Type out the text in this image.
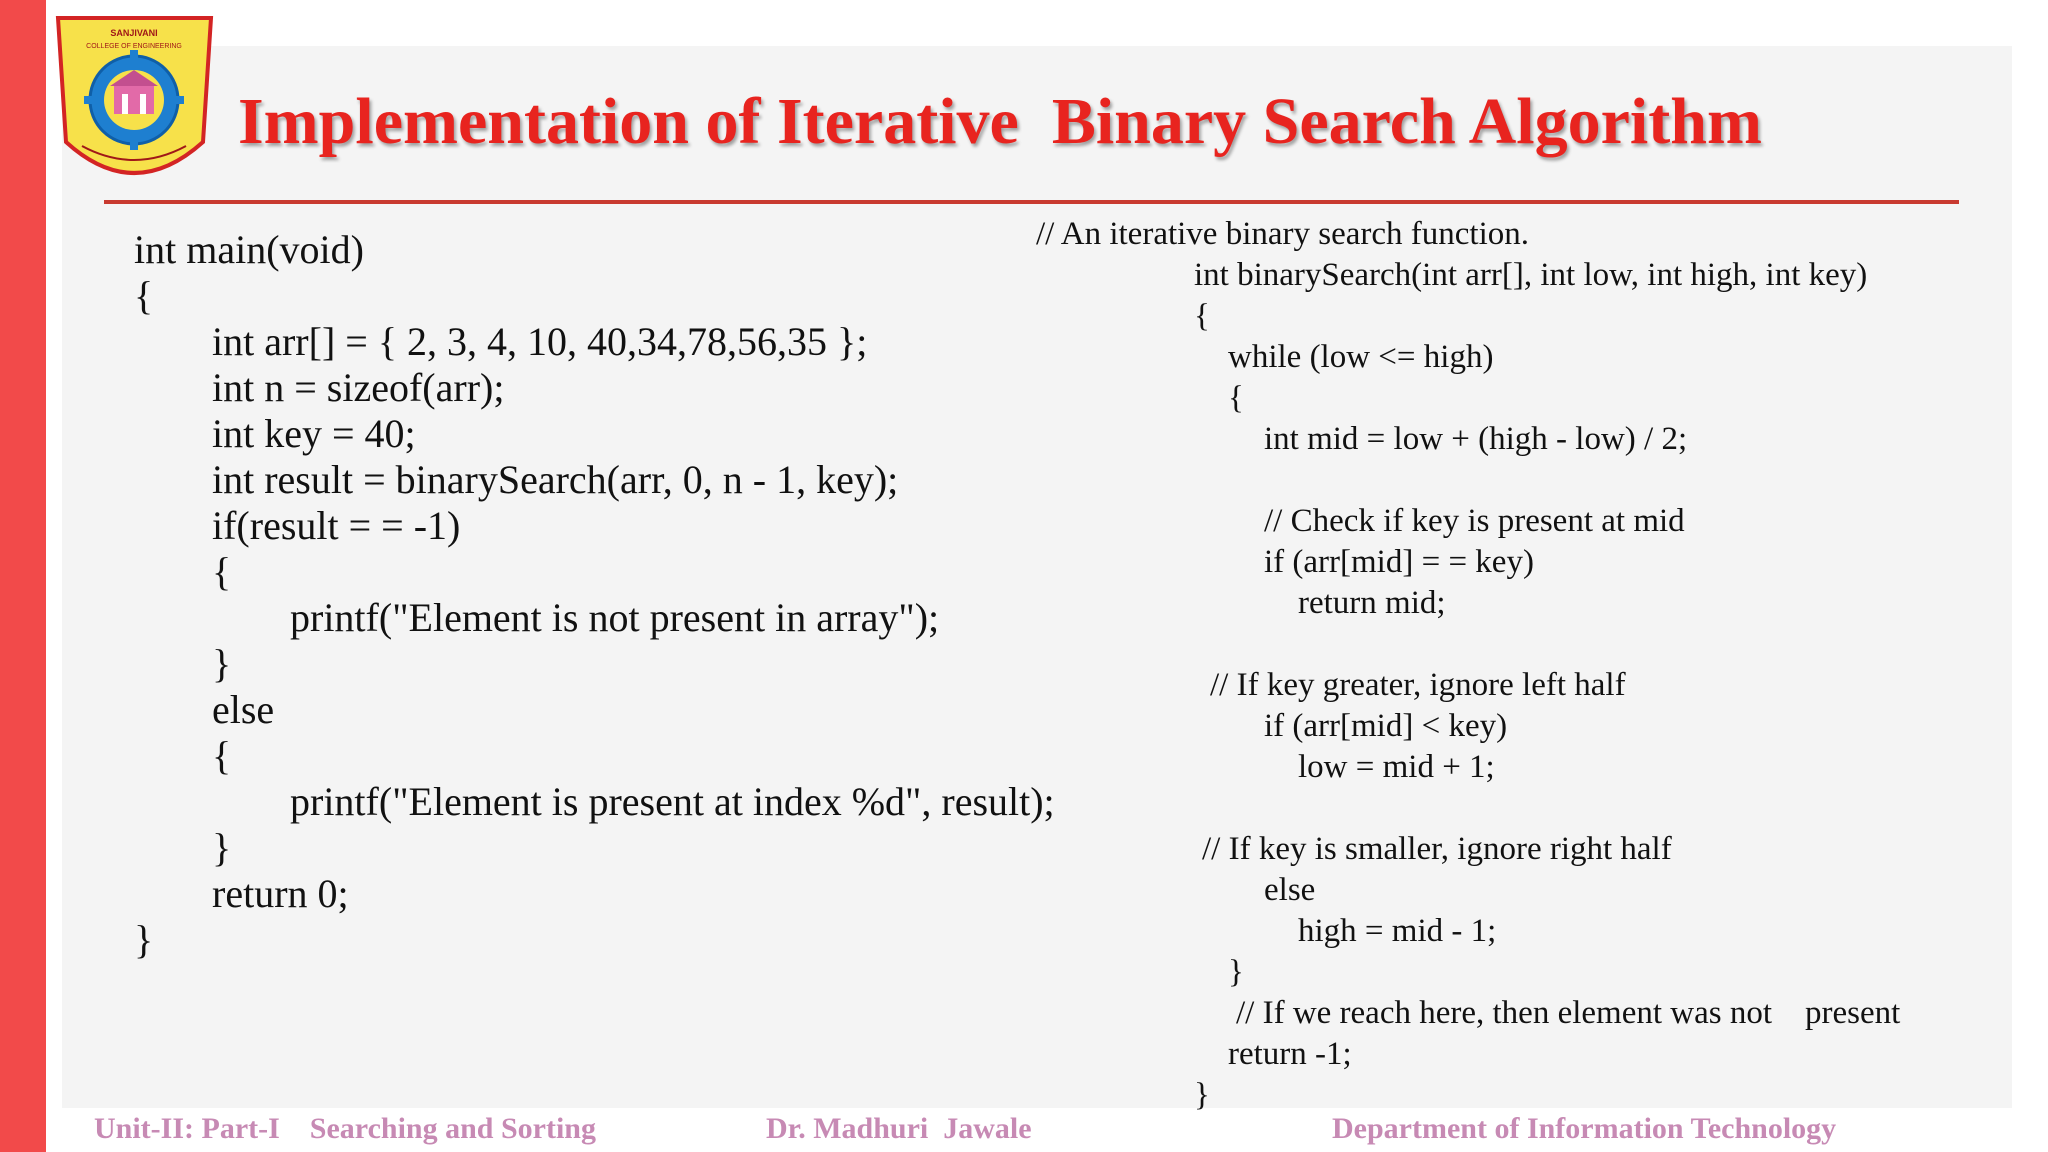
SANJIVANI
COLLEGE OF ENGINEERING
Implementation of Iterative  Binary Search Algorithm
int main(void)
{
int arr[] = { 2, 3, 4, 10, 40,34,78,56,35 };
int n = sizeof(arr);
int key = 40;
int result = binarySearch(arr, 0, n - 1, key);
if(result = = -1)
{
printf("Element is not present in array");
}
else
{
printf("Element is present at index %d", result);
}
return 0;
}
// An iterative binary search function.
int binarySearch(int arr[], int low, int high, int key)
{
while (low <= high)
{
int mid = low + (high - low) / 2;
// Check if key is present at mid
if (arr[mid] = = key)
return mid;
// If key greater, ignore left half
if (arr[mid] < key)
low = mid + 1;
// If key is smaller, ignore right half
else
high = mid - 1;
}
// If we reach here, then element was not    present
return -1;
}
Unit-II: Part-I    Searching and Sorting	Dr. Madhuri  Jawale	Department of Information Technology
